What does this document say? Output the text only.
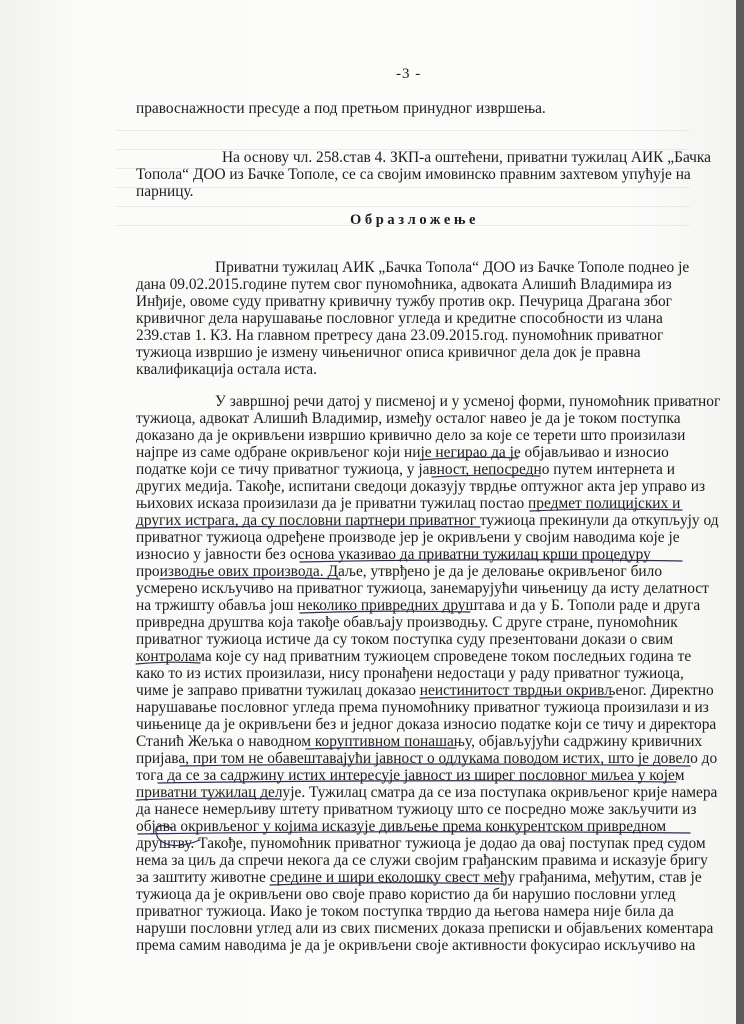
-3 -
правоснажности пресуде а под претњом принудног извршења.
На основу чл. 258.став 4. ЗКП-а оштећени, приватни тужилац АИК „Бачка
Топола“ ДОО из Бачке Тополе, се са својим имовинско правним захтевом упућује на
парницу.
Образложење
Приватни тужилац АИК „Бачка Топола“ ДОО из Бачке Тополе поднео је
дана 09.02.2015.године путем свог пуномоћника, адвоката Алишић Владимира из
Инђије, овоме суду приватну кривичну тужбу против окр. Печурица Драгана због
кривичног дела нарушавање пословног угледа и кредитне способности из члана
239.став 1. КЗ. На главном претресу дана 23.09.2015.год. пуномоћник приватног
тужиоца извршио је измену чињеничног описа кривичног дела док је правна
квалификација остала иста.
У завршној речи датој у писменој и у усменој форми, пуномоћник приватног
тужиоца, адвокат Алишић Владимир, између осталог навео је да је током поступка
доказано да је окривљени извршио кривично дело за које се терети што произилази
најпре из саме одбране окривљеног који није негирао да је објављивао и износио
податке који се тичу приватног тужиоца, у јавност, непосредно путем интернета и
других медија. Такође, испитани сведоци доказују тврдње оптужног акта јер управо из
њихових исказа произилази да је приватни тужилац постао предмет полицијских и
других истрага, да су пословни партнери приватног тужиоца прекинули да откупљују од
приватног тужиоца одређене производе јер је окривљени у својим наводима које је
износио у јавности без основа указивао да приватни тужилац крши процедуру
производње ових производа. Даље, утврђено је да је деловање окривљеног било
усмерено искључиво на приватног тужиоца, занемарујући чињеницу да исту делатност
на тржишту обавља још неколико привредних друштава и да у Б. Тополи раде и друга
привредна друштва која такође обављају производњу. С друге стране, пуномоћник
приватног тужиоца истиче да су током поступка суду презентовани докази о свим
контролама које су над приватним тужиоцем спроведене током последњих година те
како то из истих произилази, нису пронађени недостаци у раду приватног тужиоца,
чиме је заправо приватни тужилац доказао неистинитост тврдњи окривљеног. Директно
нарушавање пословног угледа према пуномоћнику приватног тужиоца произилази и из
чињенице да је окривљени без и једног доказа износио податке који се тичу и директора
Станић Жељка о наводном коруптивном понашању, објављујући садржину кривичних
пријава, при том не обавештавајући јавност о одлукама поводом истих, што је довело до
тога да се за садржину истих интересује јавност из ширег пословног миљеа у којем
приватни тужилац делује. Тужилац сматра да се иза поступака окривљеног крије намера
да нанесе немерљиву штету приватном тужиоцу што се посредно може закључити из
објава окривљеног у којима исказује дивљење према конкурентском привредном
друштву. Такође, пуномоћник приватног тужиоца је додао да овај поступак пред судом
нема за циљ да спречи некога да се служи својим грађанским правима и исказује бригу
за заштиту животне средине и шири еколошку свест међу грађанима, међутим, став је
тужиоца да је окривљени ово своје право користио да би нарушио пословни углед
приватног тужиоца. Иако је током поступка тврдио да његова намера није била да
наруши пословни углед али из свих писмених доказа преписки и објављених коментара
према самим наводима је да је окривљени своје активности фокусирао искључиво на
